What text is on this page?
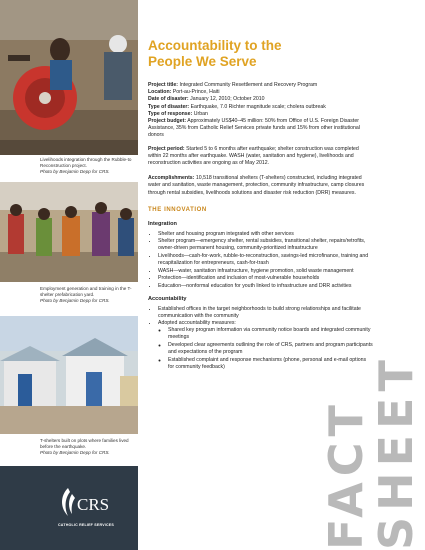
Livelihoods integration through the Rubble-to Reconstruction project.
Photo by Benjamin Depp for CRS.
Employment generation and training in the T-shelter prefabrication yard.
Photo by Benjamin Depp for CRS.
T-shelters built on plots where families lived before the earthquake.
Photo by Benjamin Depp for CRS.
CRS
CATHOLIC RELIEF SERVICES
Accountability to the
People We Serve
Project title: Integrated Community Resettlement and Recovery Program
Location: Port-au-Prince, Haiti
Date of disaster: January 12, 2010; October 2010
Type of disaster: Earthquake, 7.0 Richter magnitude scale; cholera outbreak
Type of response: Urban
Project budget: Approximately US$40–45 million: 50% from Office of U.S. Foreign Disaster Assistance, 35% from Catholic Relief Services private funds and 15% from other institutional donors
Project period: Started 5 to 6 months after earthquake; shelter construction was completed within 22 months after earthquake. WASH (water, sanitation and hygiene), livelihoods and reconstruction activities are ongoing as of May 2012.
Accomplishments: 10,518 transitional shelters (T-shelters) constructed, including integrated water and sanitation, waste management, protection, community infrastructure, camp closures through rental subsidies, livelihoods solutions and disaster risk reduction (DRR) measures.
THE INNOVATION
Integration
• Shelter and housing program integrated with other services
• Shelter program—emergency shelter, rental subsidies, transitional shelter, repairs/retrofits, owner-driven permanent housing, community-prioritized infrastructure
• Livelihoods—cash-for-work, rubble-to-reconstruction, savings-led microfinance, training and recapitalization for entrepreneurs, cash-for-trash
• WASH—water, sanitation infrastructure, hygiene promotion, solid waste management
• Protection—identification and inclusion of most-vulnerable households
• Education—nonformal education for youth linked to infrastructure and DRR activities
Accountability
• Established offices in the target neighborhoods to build strong relationships and facilitate communication with the community
• Adopted accountability measures:
◦ Shared key program information via community notice boards and integrated community meetings
◦ Developed clear agreements outlining the role of CRS, partners and program participants and expectations of the program
◦ Established complaint and response mechanisms (phone, personal and e-mail options for community feedback)
FACT SHEET
